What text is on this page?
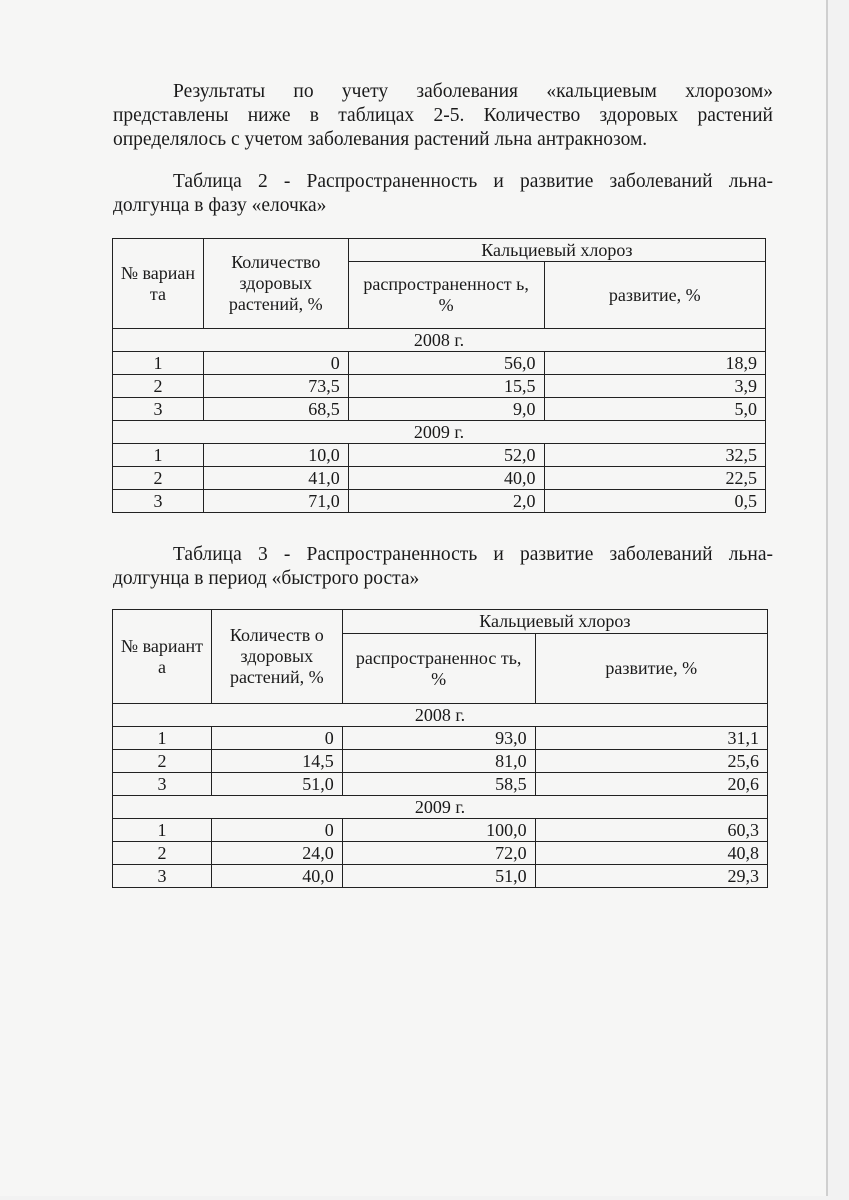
Результаты по учету заболевания «кальциевым хлорозом»
представлены ниже в таблицах 2-5. Количество здоровых растений
определялось с учетом заболевания растений льна антракнозом.

Таблица 2 - Распространенность и развитие заболеваний льна-
долгунца в фазу «елочка»

№ вариан та	Количество здоровых растений, %	Кальциевый хлороз	
		распространенност ь, %	развитие, %
2008 г.			
1	0	56,0	18,9
2	73,5	15,5	3,9
3	68,5	9,0	5,0
2009 г.			
1	10,0	52,0	32,5
2	41,0	40,0	22,5
3	71,0	2,0	0,5

Таблица 3 - Распространенность и развитие заболеваний льна-
долгунца в период «быстрого роста»

№ вариант а	Количеств о здоровых растений, %	Кальциевый хлороз	
		распространеннос ть, %	развитие, %
2008 г.			
1	0	93,0	31,1
2	14,5	81,0	25,6
3	51,0	58,5	20,6
2009 г.			
1	0	100,0	60,3
2	24,0	72,0	40,8
3	40,0	51,0	29,3
